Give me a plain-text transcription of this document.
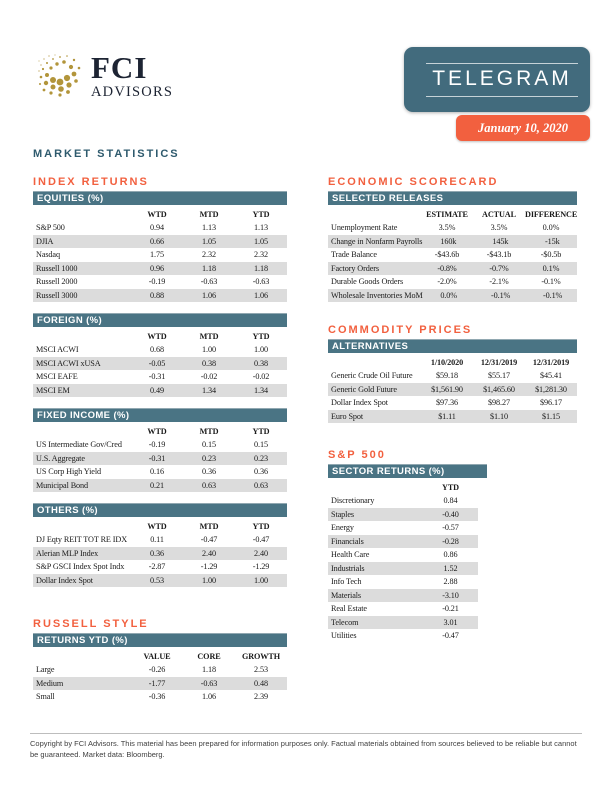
FCI
ADVISORS
TELEGRAM
January 10, 2020
MARKET STATISTICS
INDEX RETURNS
EQUITIES (%)
WTD	MTD	YTD
S&P 500	0.94	1.13	1.13
DJIA	0.66	1.05	1.05
Nasdaq	1.75	2.32	2.32
Russell 1000	0.96	1.18	1.18
Russell 2000	-0.19	-0.63	-0.63
Russell 3000	0.88	1.06	1.06
FOREIGN (%)
WTD	MTD	YTD
MSCI ACWI	0.68	1.00	1.00
MSCI ACWI xUSA	-0.05	0.38	0.38
MSCI EAFE	-0.31	-0.02	-0.02
MSCI EM	0.49	1.34	1.34
FIXED INCOME (%)
WTD	MTD	YTD
US Intermediate Gov/Cred	-0.19	0.15	0.15
U.S. Aggregate	-0.31	0.23	0.23
US Corp High Yield	0.16	0.36	0.36
Municipal Bond	0.21	0.63	0.63
OTHERS (%)
WTD	MTD	YTD
DJ Eqty REIT TOT RE IDX	0.11	-0.47	-0.47
Alerian MLP Index	0.36	2.40	2.40
S&P GSCI Index Spot Indx	-2.87	-1.29	-1.29
Dollar Index Spot	0.53	1.00	1.00
RUSSELL STYLE
RETURNS YTD (%)
VALUE	CORE	GROWTH
Large	-0.26	1.18	2.53
Medium	-1.77	-0.63	0.48
Small	-0.36	1.06	2.39
ECONOMIC SCORECARD
SELECTED RELEASES
ESTIMATE	ACTUAL	DIFFERENCE
Unemployment Rate	3.5%	3.5%	0.0%
Change in Nonfarm Payrolls	160k	145k	-15k
Trade Balance	-$43.6b	-$43.1b	-$0.5b
Factory Orders	-0.8%	-0.7%	0.1%
Durable Goods Orders	-2.0%	-2.1%	-0.1%
Wholesale Inventories MoM	0.0%	-0.1%	-0.1%
COMMODITY PRICES
ALTERNATIVES
1/10/2020	12/31/2019	12/31/2019
Generic Crude Oil Future	$59.18	$55.17	$45.41
Generic Gold Future	$1,561.90	$1,465.60	$1,281.30
Dollar Index Spot	$97.36	$98.27	$96.17
Euro Spot	$1.11	$1.10	$1.15
S&P 500
SECTOR RETURNS (%)
YTD
Discretionary	0.84
Staples	-0.40
Energy	-0.57
Financials	-0.28
Health Care	0.86
Industrials	1.52
Info Tech	2.88
Materials	-3.10
Real Estate	-0.21
Telecom	3.01
Utilities	-0.47
Copyright by FCI Advisors. This material has been prepared for information purposes only. Factual materials obtained from sources believed to be reliable but cannot be guaranteed. Market data: Bloomberg.
